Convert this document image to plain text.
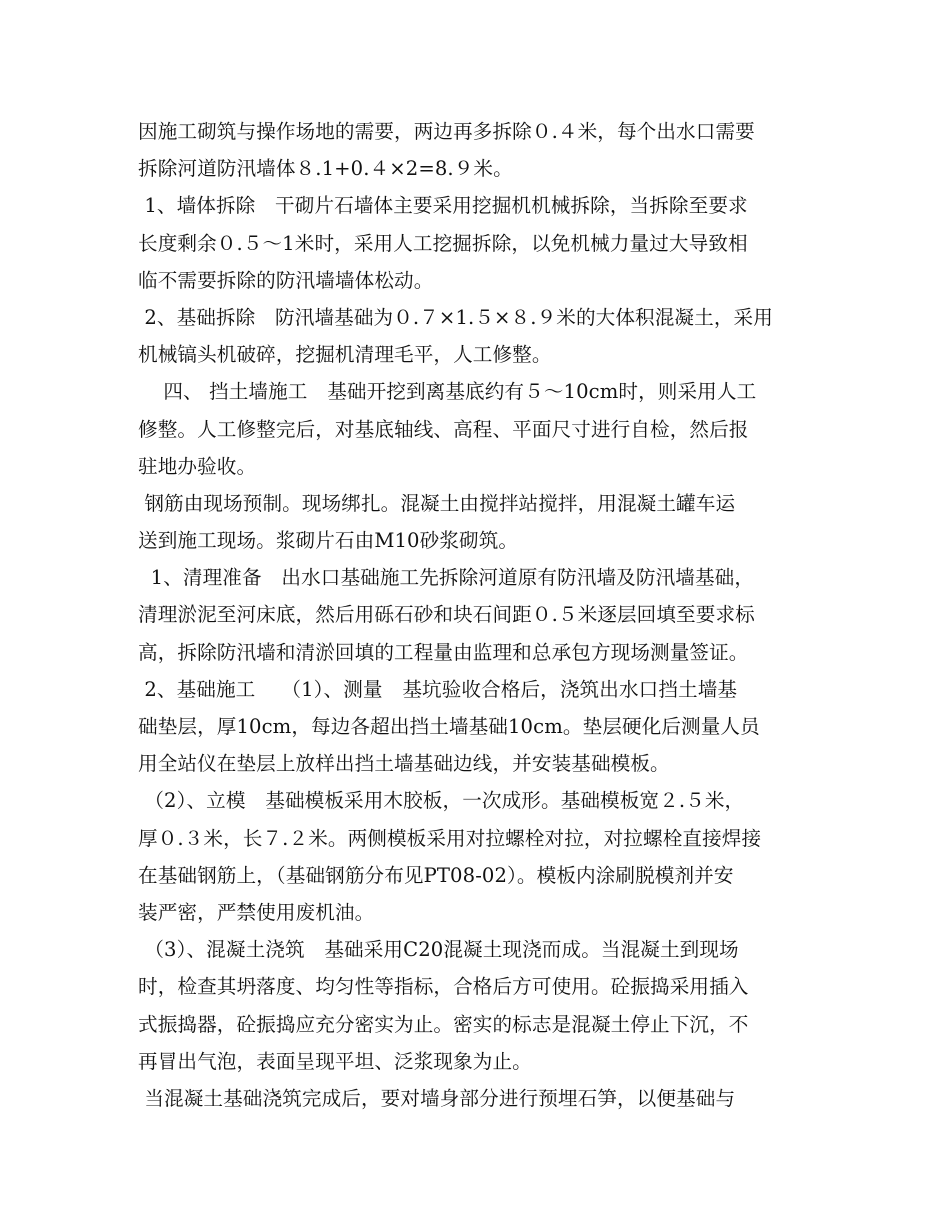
因施工砌筑与操作场地的需要，两边再多拆除０.４米，每个出水口需要
拆除河道防汛墙体８.1+0.４×2=8.９米。
1、墙体拆除　干砌片石墙体主要采用挖掘机机械拆除，当拆除至要求
长度剩余０.５～1米时，采用人工挖掘拆除，以免机械力量过大导致相
临不需要拆除的防汛墙墙体松动。
2、基础拆除　防汛墙基础为０.７×1.５×８.９米的大体积混凝土，采用
机械镐头机破碎，挖掘机清理毛平，人工修整。
四、 挡土墙施工　基础开挖到离基底约有５～10cm时，则采用人工
修整。人工修整完后，对基底轴线、高程、平面尺寸进行自检，然后报
驻地办验收。
钢筋由现场预制。现场绑扎。混凝土由搅拌站搅拌，用混凝土罐车运
送到施工现场。浆砌片石由M10砂浆砌筑。
1、清理准备　出水口基础施工先拆除河道原有防汛墙及防汛墙基础，
清理淤泥至河床底，然后用砾石砂和块石间距０.５米逐层回填至要求标
高，拆除防汛墙和清淤回填的工程量由监理和总承包方现场测量签证。
2、基础施工　 （1）、测量　基坑验收合格后，浇筑出水口挡土墙基
础垫层，厚10cm，每边各超出挡土墙基础10cm。垫层硬化后测量人员
用全站仪在垫层上放样出挡土墙基础边线，并安装基础模板。
（2）、立模　基础模板采用木胶板，一次成形。基础模板宽２.５米，
厚０.３米，长７.２米。两侧模板采用对拉螺栓对拉，对拉螺栓直接焊接
在基础钢筋上，（基础钢筋分布见PT08-02）。模板内涂刷脱模剂并安
装严密，严禁使用废机油。
（3）、混凝土浇筑　基础采用C20混凝土现浇而成。当混凝土到现场
时，检查其坍落度、均匀性等指标，合格后方可使用。砼振捣采用插入
式振捣器，砼振捣应充分密实为止。密实的标志是混凝土停止下沉，不
再冒出气泡，表面呈现平坦、泛浆现象为止。
当混凝土基础浇筑完成后，要对墙身部分进行预埋石笋，以便基础与
